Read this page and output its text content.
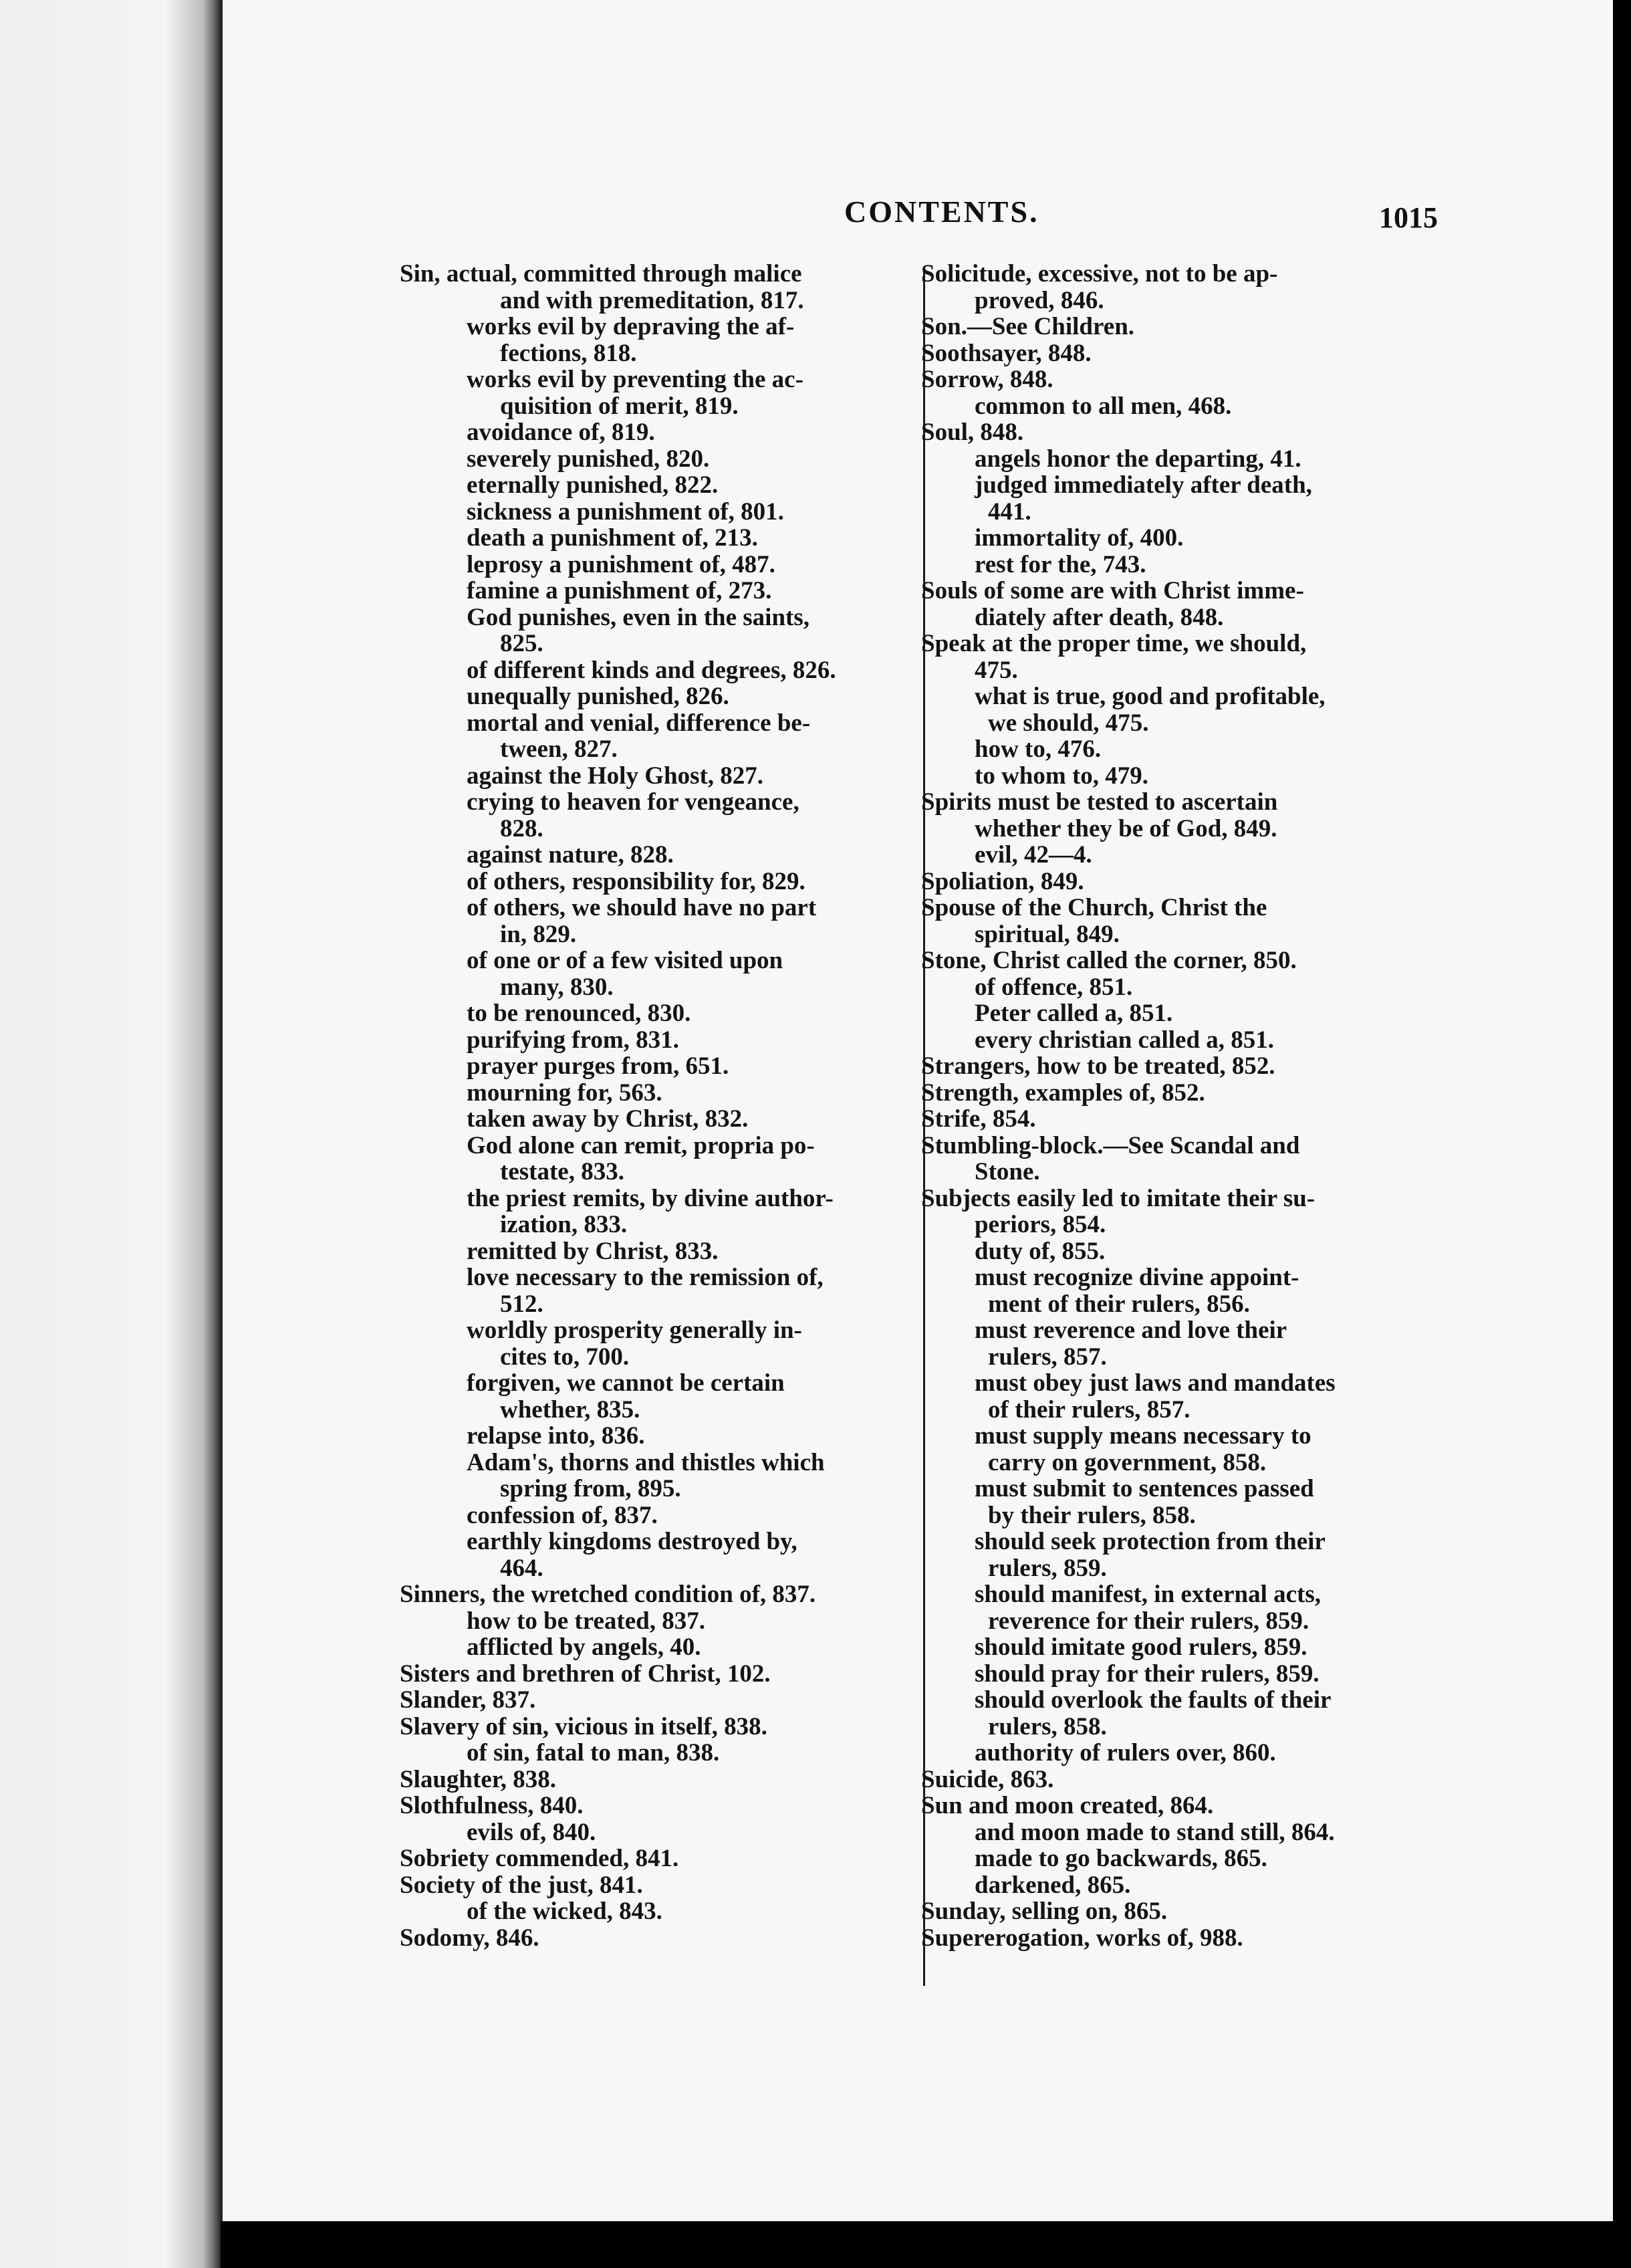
CONTENTS.	1015
Sin, actual, committed through malice
and with premeditation, 817.
works evil by depraving the af-
fections, 818.
works evil by preventing the ac-
quisition of merit, 819.
avoidance of, 819.
severely punished, 820.
eternally punished, 822.
sickness a punishment of, 801.
death a punishment of, 213.
leprosy a punishment of, 487.
famine a punishment of, 273.
God punishes, even in the saints,
825.
of different kinds and degrees, 826.
unequally punished, 826.
mortal and venial, difference be-
tween, 827.
against the Holy Ghost, 827.
crying to heaven for vengeance,
828.
against nature, 828.
of others, responsibility for, 829.
of others, we should have no part
in, 829.
of one or of a few visited upon
many, 830.
to be renounced, 830.
purifying from, 831.
prayer purges from, 651.
mourning for, 563.
taken away by Christ, 832.
God alone can remit, propria po-
testate, 833.
the priest remits, by divine author-
ization, 833.
remitted by Christ, 833.
love necessary to the remission of,
512.
worldly prosperity generally in-
cites to, 700.
forgiven, we cannot be certain
whether, 835.
relapse into, 836.
Adam's, thorns and thistles which
spring from, 895.
confession of, 837.
earthly kingdoms destroyed by,
464.
Sinners, the wretched condition of, 837.
how to be treated, 837.
afflicted by angels, 40.
Sisters and brethren of Christ, 102.
Slander, 837.
Slavery of sin, vicious in itself, 838.
of sin, fatal to man, 838.
Slaughter, 838.
Slothfulness, 840.
evils of, 840.
Sobriety commended, 841.
Society of the just, 841.
of the wicked, 843.
Sodomy, 846.
Solicitude, excessive, not to be ap-
proved, 846.
Son.—See Children.
Soothsayer, 848.
Sorrow, 848.
common to all men, 468.
Soul, 848.
angels honor the departing, 41.
judged immediately after death,
441.
immortality of, 400.
rest for the, 743.
Souls of some are with Christ imme-
diately after death, 848.
Speak at the proper time, we should,
475.
what is true, good and profitable,
we should, 475.
how to, 476.
to whom to, 479.
Spirits must be tested to ascertain
whether they be of God, 849.
evil, 42—4.
Spoliation, 849.
Spouse of the Church, Christ the
spiritual, 849.
Stone, Christ called the corner, 850.
of offence, 851.
Peter called a, 851.
every christian called a, 851.
Strangers, how to be treated, 852.
Strength, examples of, 852.
Strife, 854.
Stumbling-block.—See Scandal and
Stone.
Subjects easily led to imitate their su-
periors, 854.
duty of, 855.
must recognize divine appoint-
ment of their rulers, 856.
must reverence and love their
rulers, 857.
must obey just laws and mandates
of their rulers, 857.
must supply means necessary to
carry on government, 858.
must submit to sentences passed
by their rulers, 858.
should seek protection from their
rulers, 859.
should manifest, in external acts,
reverence for their rulers, 859.
should imitate good rulers, 859.
should pray for their rulers, 859.
should overlook the faults of their
rulers, 858.
authority of rulers over, 860.
Suicide, 863.
Sun and moon created, 864.
and moon made to stand still, 864.
made to go backwards, 865.
darkened, 865.
Sunday, selling on, 865.
Supererogation, works of, 988.
